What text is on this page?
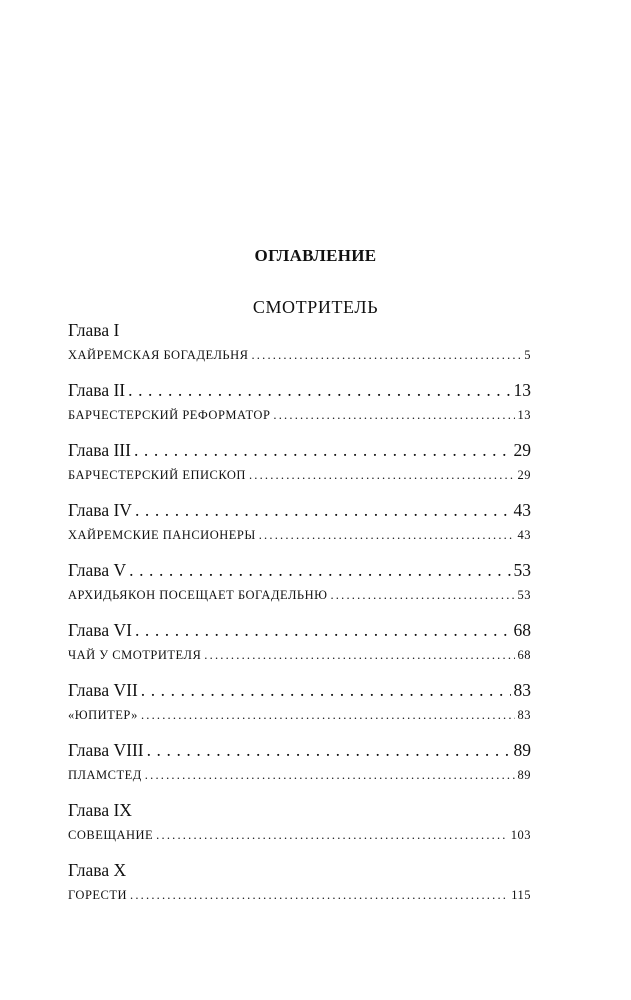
ОГЛАВЛЕНИЕ
СМОТРИТЕЛЬ
Глава I
ХАЙРЕМСКАЯ БОГАДЕЛЬНЯ .....	5
Глава II . . .	13
БАРЧЕСТЕРСКИЙ РЕФОРМАТОР .....	13
Глава III . . .	29
БАРЧЕСТЕРСКИЙ ЕПИСКОП .....	29
Глава IV . . .	43
ХАЙРЕМСКИЕ ПАНСИОНЕРЫ .....	43
Глава V . . .	53
АРХИДЬЯКОН ПОСЕЩАЕТ БОГАДЕЛЬНЮ .....	53
Глава VI . . .	68
ЧАЙ У СМОТРИТЕЛЯ .....	68
Глава VII . . .	83
«ЮПИТЕР» .....	83
Глава VIII . . .	89
ПЛАМСТЕД .....	89
Глава IX
СОВЕЩАНИЕ .....	103
Глава X
ГОРЕСТИ .....	115
